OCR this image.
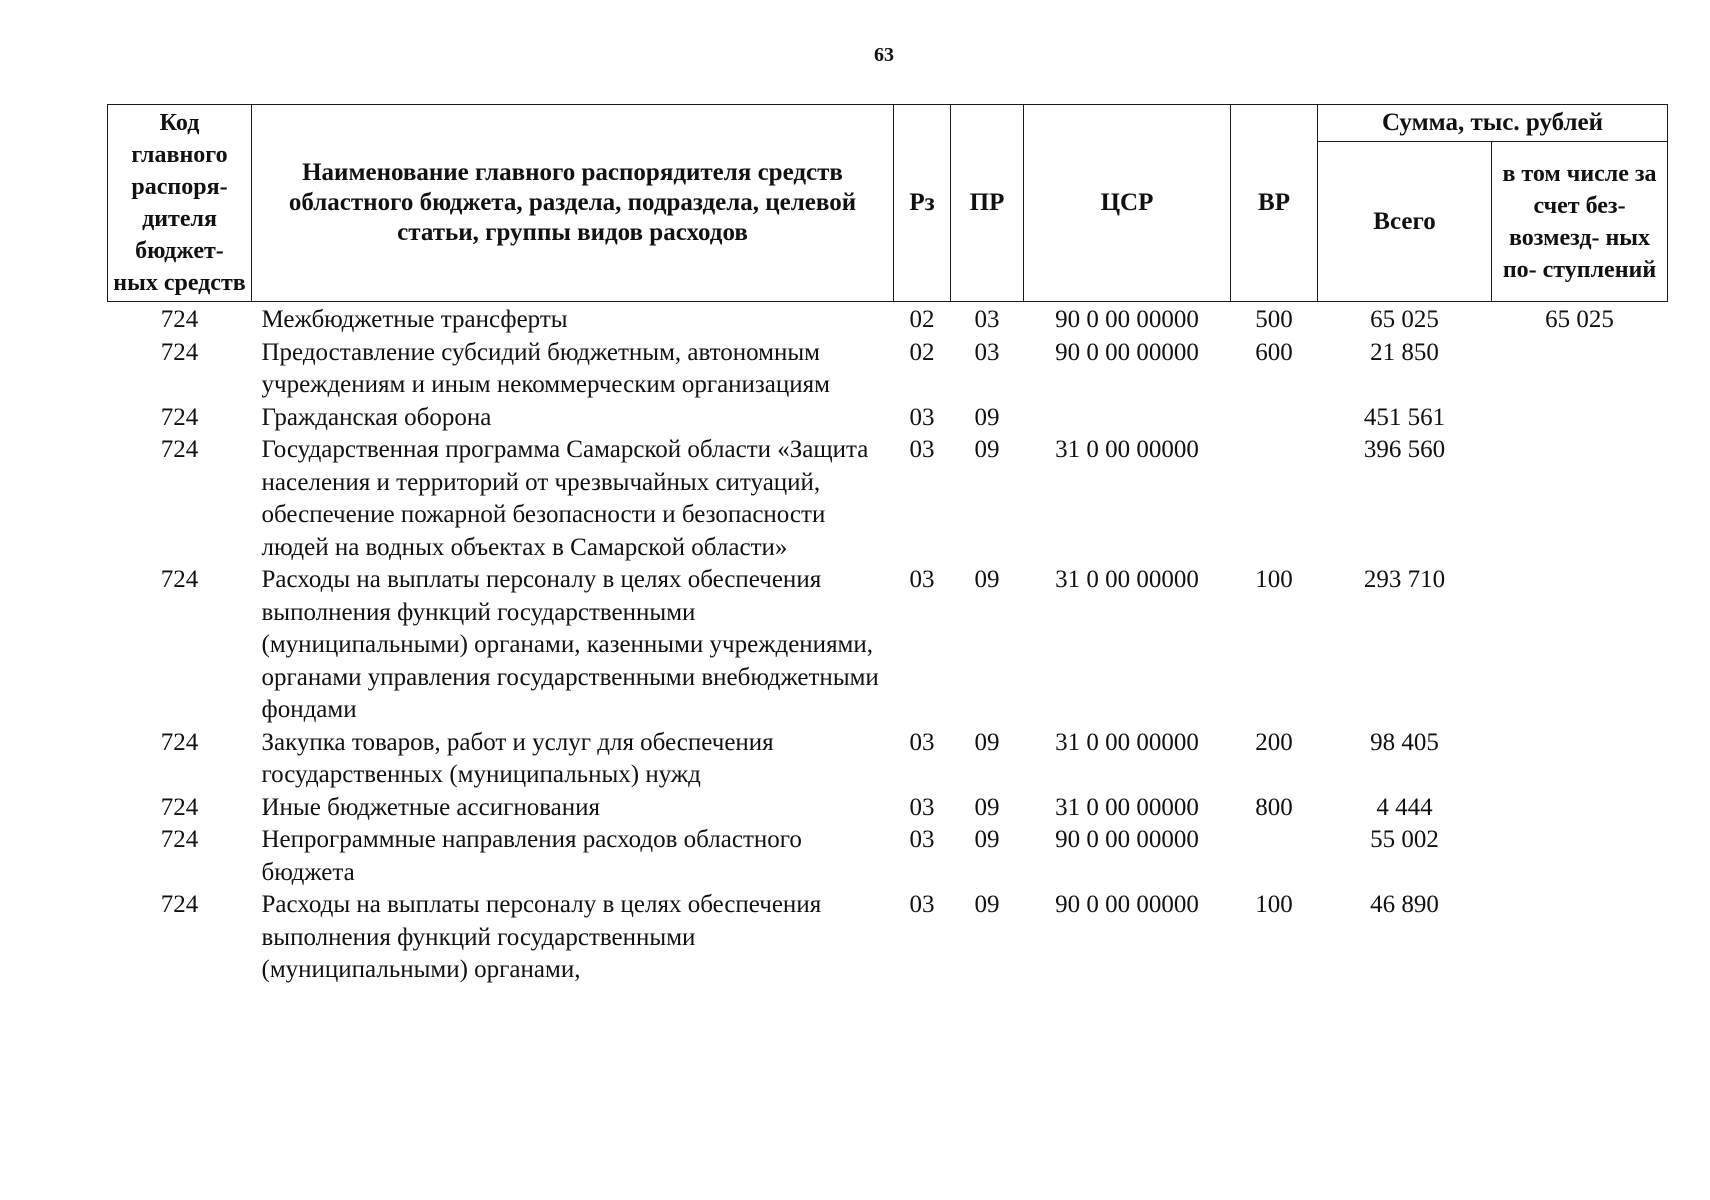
63
Код главного распоря- дителя бюджет- ных средств	Наименование главного распорядителя средств областного бюджета, раздела, подраздела, целевой статьи, группы видов расходов	Рз	ПР	ЦСР	ВР	Сумма, тыс. рублей	
						Всего	в том числе за счет без- возмезд- ных по- ступлений
724	Межбюджетные трансферты	02	03	90 0 00 00000	500	65 025	65 025
724	Предоставление субсидий бюджетным, автономным учреждениям и иным некоммерческим организациям	02	03	90 0 00 00000	600	21 850	
724	Гражданская оборона	03	09			451 561	
724	Государственная программа Самарской области «Защита населения и территорий от чрезвычайных ситуаций, обеспечение пожарной безопасности и безопасности людей на водных объектах в Самарской области»	03	09	31 0 00 00000		396 560	
724	Расходы на выплаты персоналу в целях обеспечения выполнения функций государственными (муниципальными) органами, казенными учреждениями, органами управления государственными внебюджетными фондами	03	09	31 0 00 00000	100	293 710	
724	Закупка товаров, работ и услуг для обеспечения государственных (муниципальных) нужд	03	09	31 0 00 00000	200	98 405	
724	Иные бюджетные ассигнования	03	09	31 0 00 00000	800	4 444	
724	Непрограммные направления расходов областного бюджета	03	09	90 0 00 00000		55 002	
724	Расходы на выплаты персоналу в целях обеспечения выполнения функций государственными (муниципальными) органами,	03	09	90 0 00 00000	100	46 890	
